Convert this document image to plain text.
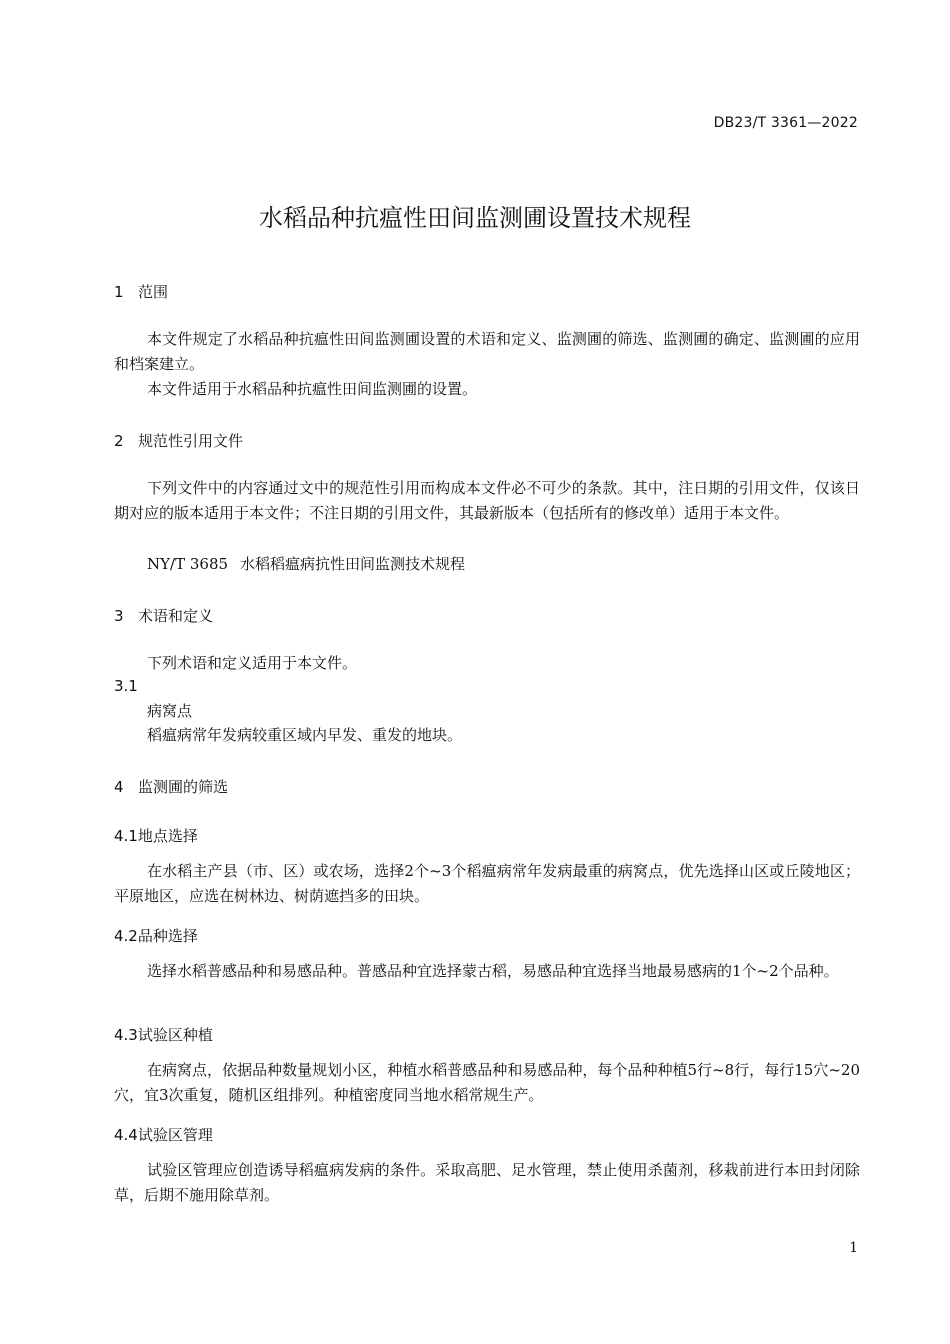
DB23/T 3361—2022
水稻品种抗瘟性田间监测圃设置技术规程
1 范围
本文件规定了水稻品种抗瘟性田间监测圃设置的术语和定义、监测圃的筛选、监测圃的确定、监测圃的应用和档案建立。
本文件适用于水稻品种抗瘟性田间监测圃的设置。
2 规范性引用文件
下列文件中的内容通过文中的规范性引用而构成本文件必不可少的条款。其中，注日期的引用文件，仅该日期对应的版本适用于本文件；不注日期的引用文件，其最新版本（包括所有的修改单）适用于本文件。
NY/T 3685 水稻稻瘟病抗性田间监测技术规程
3 术语和定义
下列术语和定义适用于本文件。
3.1
病窝点
稻瘟病常年发病较重区域内早发、重发的地块。
4 监测圃的筛选
4.1地点选择
在水稻主产县（市、区）或农场，选择2个~3个稻瘟病常年发病最重的病窝点，优先选择山区或丘陵地区；平原地区，应选在树林边、树荫遮挡多的田块。
4.2品种选择
选择水稻普感品种和易感品种。普感品种宜选择蒙古稻，易感品种宜选择当地最易感病的1个~2个品种。
4.3试验区种植
在病窝点，依据品种数量规划小区，种植水稻普感品种和易感品种，每个品种种植5行~8行，每行15穴~20穴，宜3次重复，随机区组排列。种植密度同当地水稻常规生产。
4.4试验区管理
试验区管理应创造诱导稻瘟病发病的条件。采取高肥、足水管理，禁止使用杀菌剂，移栽前进行本田封闭除草，后期不施用除草剂。
1
